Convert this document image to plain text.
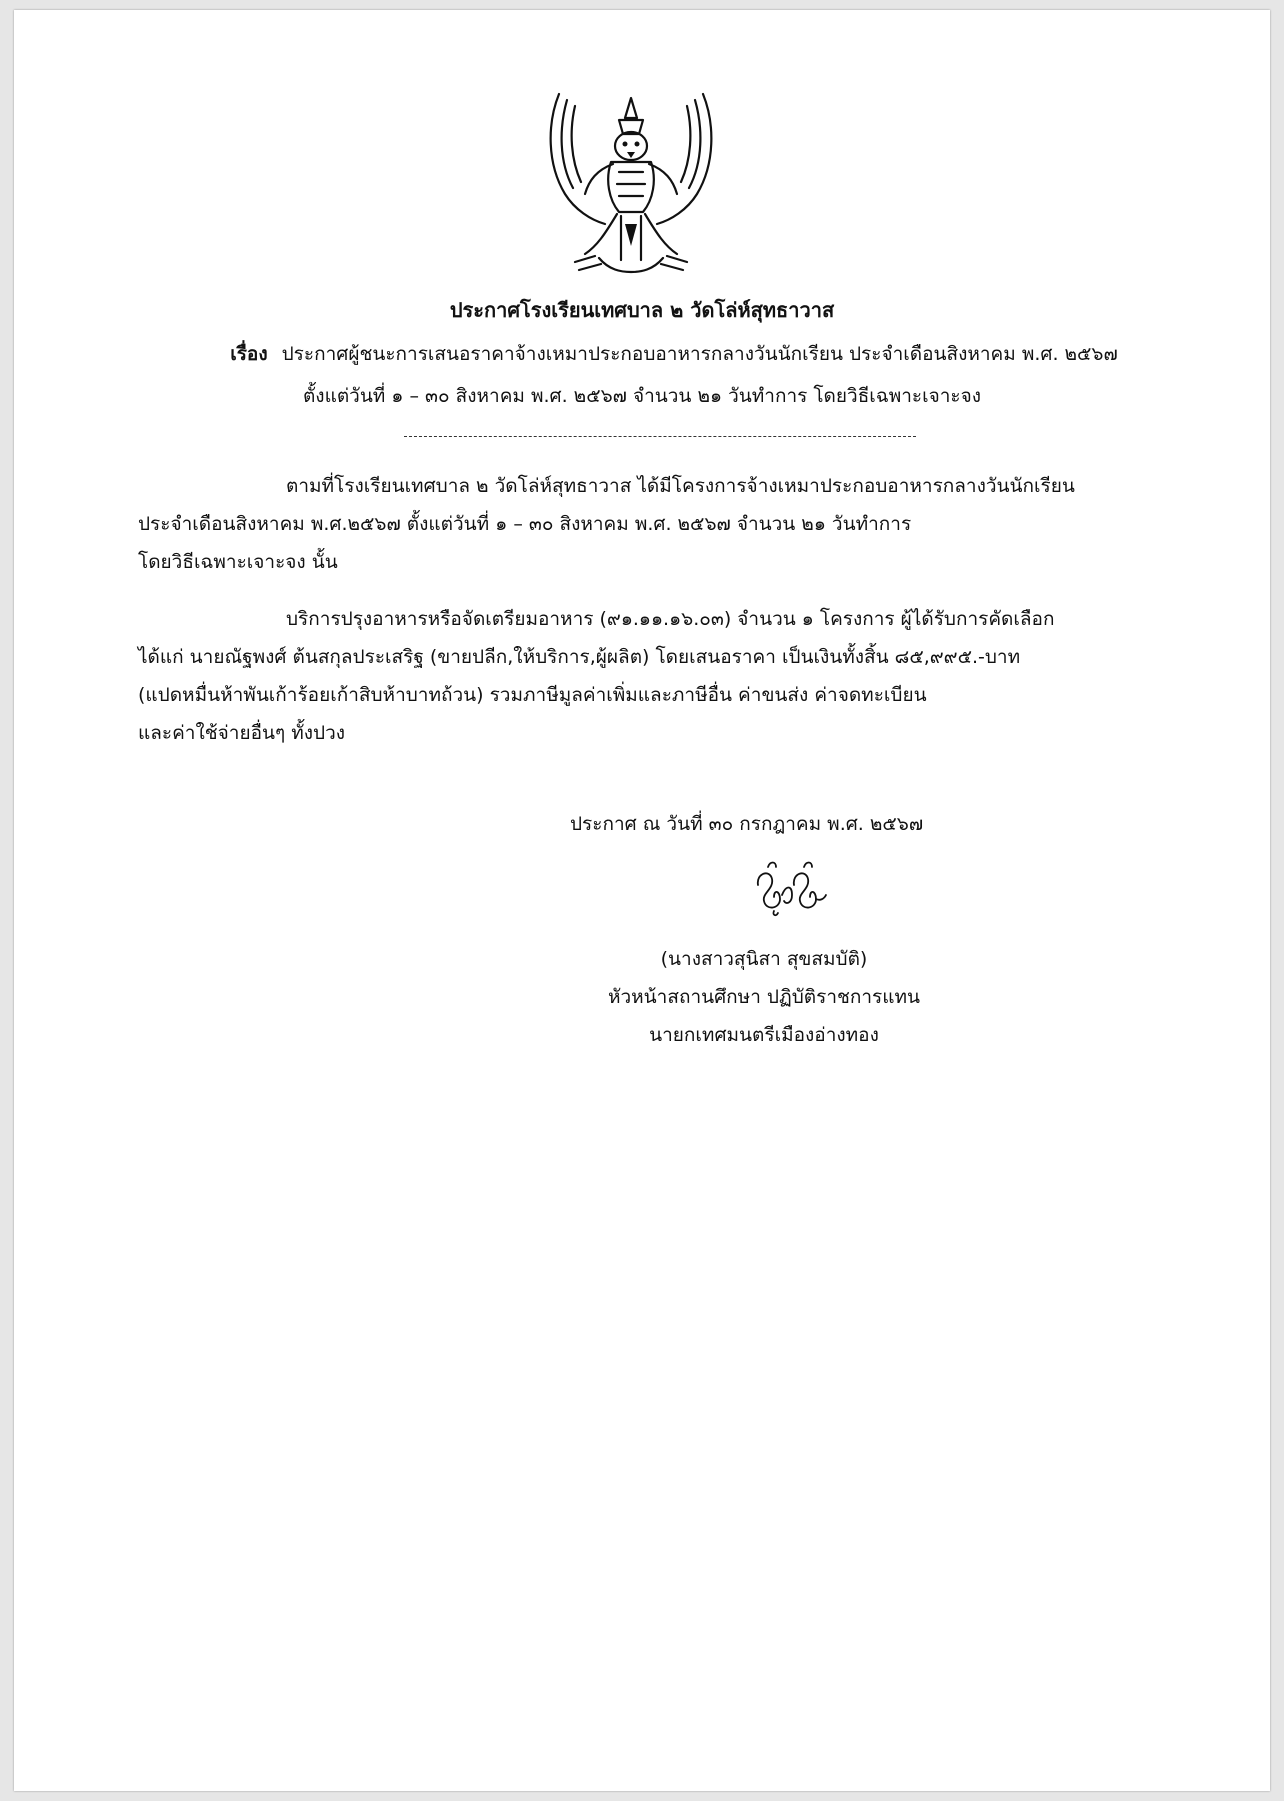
ประกาศโรงเรียนเทศบาล ๒ วัดโล่ห์สุทธาวาส
เรื่อง ประกาศผู้ชนะการเสนอราคาจ้างเหมาประกอบอาหารกลางวันนักเรียน ประจำเดือนสิงหาคม พ.ศ. ๒๕๖๗
ตั้งแต่วันที่ ๑ – ๓๐ สิงหาคม พ.ศ. ๒๕๖๗ จำนวน ๒๑ วันทำการ โดยวิธีเฉพาะเจาะจง
ตามที่โรงเรียนเทศบาล ๒ วัดโล่ห์สุทธาวาส ได้มีโครงการจ้างเหมาประกอบอาหารกลางวันนักเรียน
ประจำเดือนสิงหาคม พ.ศ.๒๕๖๗ ตั้งแต่วันที่ ๑ – ๓๐ สิงหาคม พ.ศ. ๒๕๖๗ จำนวน ๒๑ วันทำการ
โดยวิธีเฉพาะเจาะจง นั้น
บริการปรุงอาหารหรือจัดเตรียมอาหาร (๙๑.๑๑.๑๖.๐๓) จำนวน ๑ โครงการ ผู้ได้รับการคัดเลือก
ได้แก่ นายณัฐพงศ์ ต้นสกุลประเสริฐ (ขายปลีก,ให้บริการ,ผู้ผลิต) โดยเสนอราคา เป็นเงินทั้งสิ้น ๘๕,๙๙๕.-บาท
(แปดหมื่นห้าพันเก้าร้อยเก้าสิบห้าบาทถ้วน) รวมภาษีมูลค่าเพิ่มและภาษีอื่น ค่าขนส่ง ค่าจดทะเบียน
และค่าใช้จ่ายอื่นๆ ทั้งปวง
ประกาศ ณ วันที่ ๓๐ กรกฎาคม พ.ศ. ๒๕๖๗
(นางสาวสุนิสา สุขสมบัติ)
หัวหน้าสถานศึกษา ปฏิบัติราชการแทน
นายกเทศมนตรีเมืองอ่างทอง
